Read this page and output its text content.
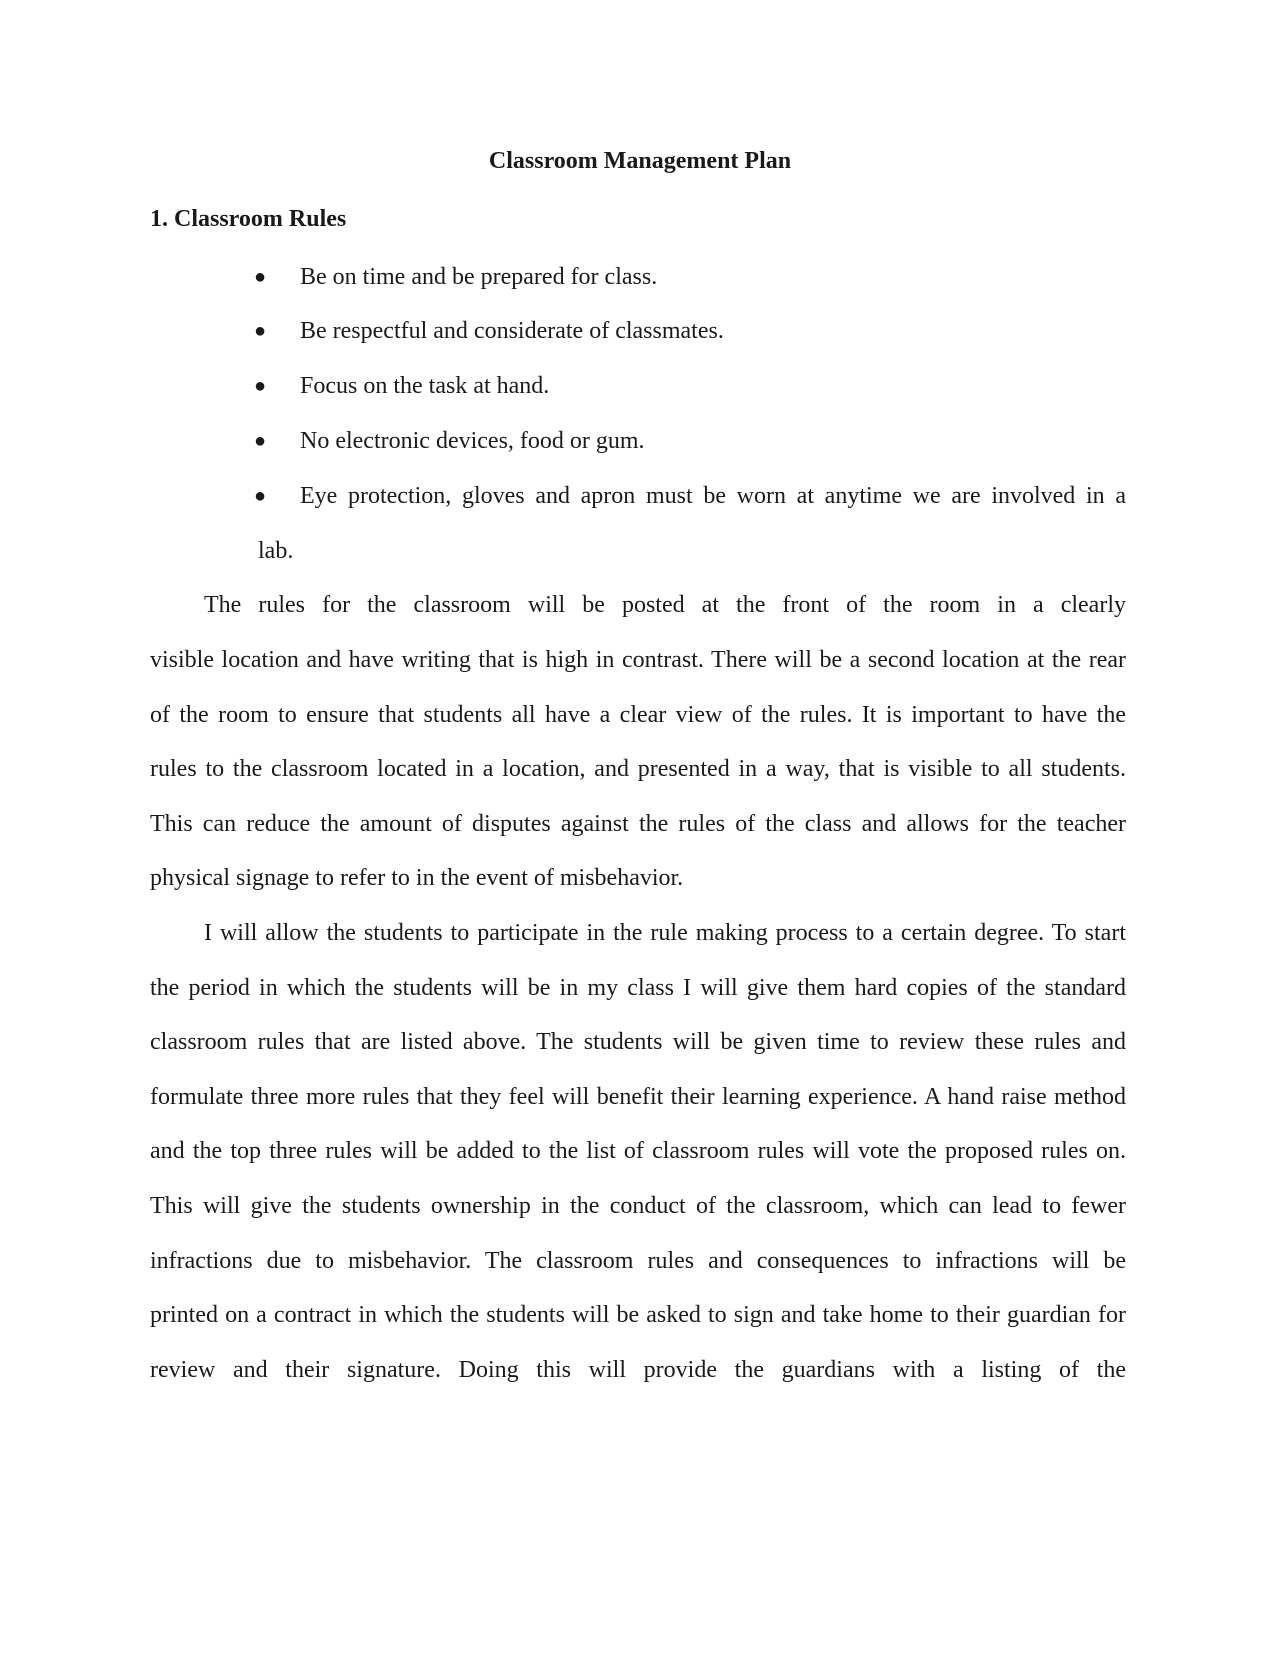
Classroom Management Plan
1. Classroom Rules
● Be on time and be prepared for class.
● Be respectful and considerate of classmates.
● Focus on the task at hand.
● No electronic devices, food or gum.
● Eye protection, gloves and apron must be worn at anytime we are involved in a
lab.
The rules for the classroom will be posted at the front of the room in a clearly
visible location and have writing that is high in contrast. There will be a second location at the rear
of the room to ensure that students all have a clear view of the rules. It is important to have the
rules to the classroom located in a location, and presented in a way, that is visible to all students.
This can reduce the amount of disputes against the rules of the class and allows for the teacher
physical signage to refer to in the event of misbehavior.
I will allow the students to participate in the rule making process to a certain degree. To start
the period in which the students will be in my class I will give them hard copies of the standard
classroom rules that are listed above. The students will be given time to review these rules and
formulate three more rules that they feel will benefit their learning experience. A hand raise method
and the top three rules will be added to the list of classroom rules will vote the proposed rules on.
This will give the students ownership in the conduct of the classroom, which can lead to fewer
infractions due to misbehavior. The classroom rules and consequences to infractions will be
printed on a contract in which the students will be asked to sign and take home to their guardian for
review and their signature. Doing this will provide the guardians with a listing of the
